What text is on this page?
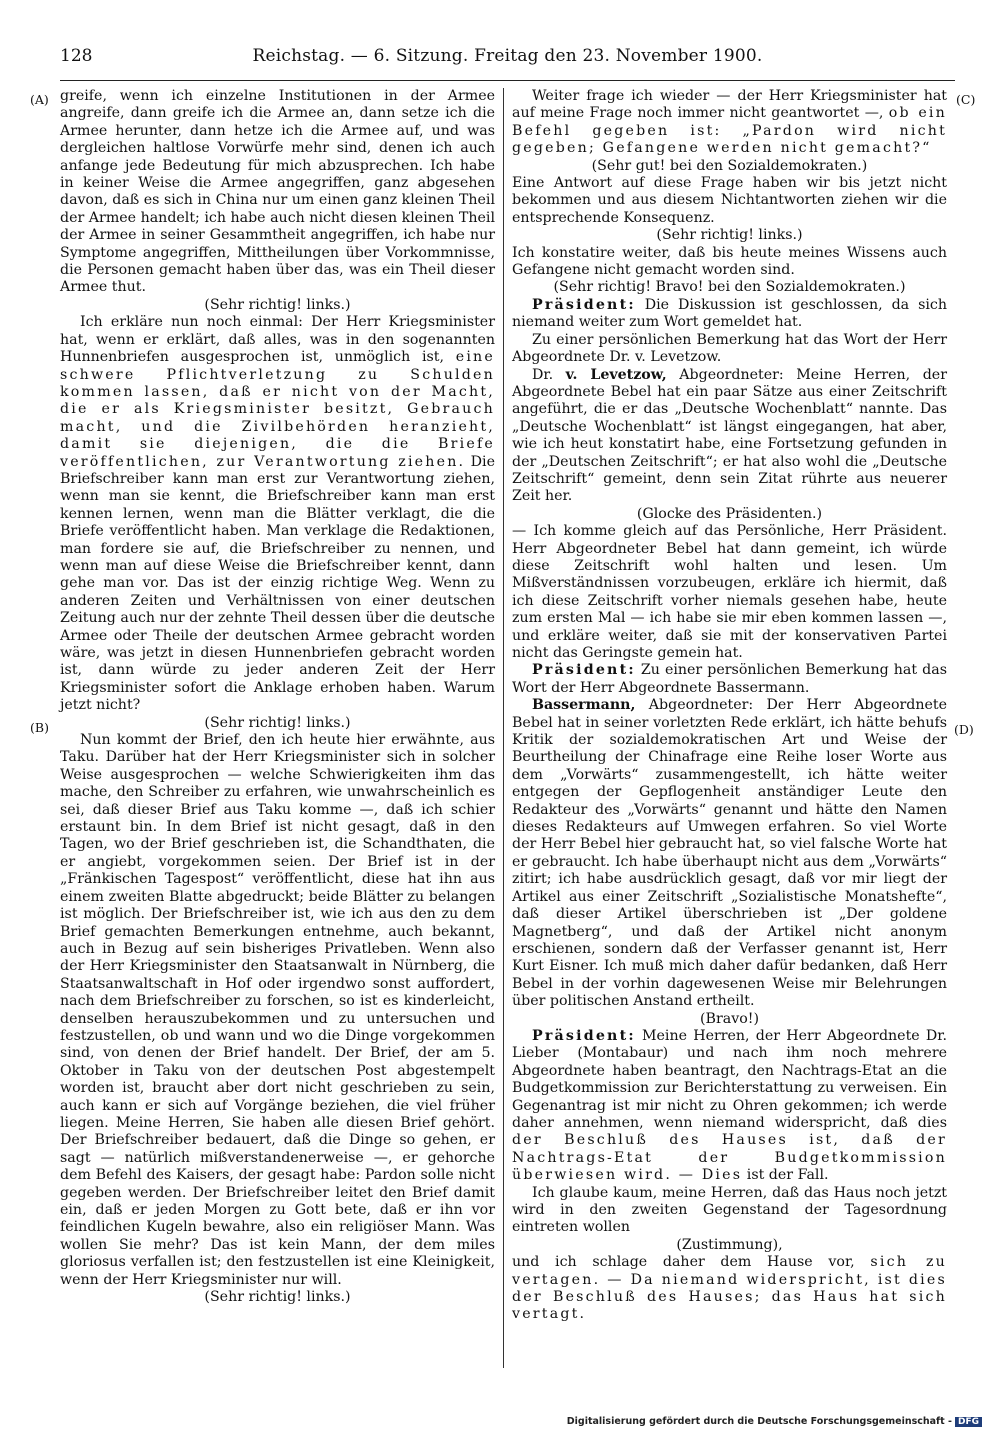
128	Reichstag. — 6. Sitzung. Freitag den 23. November 1900.
(A)
(B)
(C)
(D)

greife, wenn ich einzelne Institutionen in der Armee angreife, dann greife ich die Armee an, dann setze ich die Armee herunter, dann hetze ich die Armee auf, und was dergleichen haltlose Vorwürfe mehr sind, denen ich auch anfange jede Bedeutung für mich abzusprechen. Ich habe in keiner Weise die Armee angegriffen, ganz abgesehen davon, daß es sich in China nur um einen ganz kleinen Theil der Armee handelt; ich habe auch nicht diesen kleinen Theil der Armee in seiner Gesammtheit angegriffen, ich habe nur Symptome angegriffen, Mittheilungen über Vorkommnisse, die Personen gemacht haben über das, was ein Theil dieser Armee thut.

(Sehr richtig! links.)

Ich erkläre nun noch einmal: Der Herr Kriegsminister hat, wenn er erklärt, daß alles, was in den sogenannten Hunnenbriefen ausgesprochen ist, unmöglich ist, eine schwere Pflichtverletzung zu Schulden kommen lassen, daß er nicht von der Macht, die er als Kriegsminister besitzt, Gebrauch macht, und die Zivilbehörden heranzieht, damit sie diejenigen, die die Briefe veröffentlichen, zur Verantwortung ziehen. Die Briefschreiber kann man erst zur Verantwortung ziehen, wenn man sie kennt, die Briefschreiber kann man erst kennen lernen, wenn man die Blätter verklagt, die die Briefe veröffentlicht haben. Man verklage die Redaktionen, man fordere sie auf, die Briefschreiber zu nennen, und wenn man auf diese Weise die Briefschreiber kennt, dann gehe man vor. Das ist der einzig richtige Weg. Wenn zu anderen Zeiten und Verhältnissen von einer deutschen Zeitung auch nur der zehnte Theil dessen über die deutsche Armee oder Theile der deutschen Armee gebracht worden wäre, was jetzt in diesen Hunnenbriefen gebracht worden ist, dann würde zu jeder anderen Zeit der Herr Kriegsminister sofort die Anklage erhoben haben. Warum jetzt nicht?

(Sehr richtig! links.)

Nun kommt der Brief, den ich heute hier erwähnte, aus Taku. Darüber hat der Herr Kriegsminister sich in solcher Weise ausgesprochen — welche Schwierigkeiten ihm das mache, den Schreiber zu erfahren, wie unwahrscheinlich es sei, daß dieser Brief aus Taku komme —, daß ich schier erstaunt bin. In dem Brief ist nicht gesagt, daß in den Tagen, wo der Brief geschrieben ist, die Schandthaten, die er angiebt, vorgekommen seien. Der Brief ist in der „Fränkischen Tagespost“ veröffentlicht, diese hat ihn aus einem zweiten Blatte abgedruckt; beide Blätter zu belangen ist möglich. Der Briefschreiber ist, wie ich aus den zu dem Brief gemachten Bemerkungen entnehme, auch bekannt, auch in Bezug auf sein bisheriges Privatleben. Wenn also der Herr Kriegsminister den Staatsanwalt in Nürnberg, die Staatsanwaltschaft in Hof oder irgendwo sonst auffordert, nach dem Briefschreiber zu forschen, so ist es kinderleicht, denselben herauszubekommen und zu untersuchen und festzustellen, ob und wann und wo die Dinge vorgekommen sind, von denen der Brief handelt. Der Brief, der am 5. Oktober in Taku von der deutschen Post abgestempelt worden ist, braucht aber dort nicht geschrieben zu sein, auch kann er sich auf Vorgänge beziehen, die viel früher liegen. Meine Herren, Sie haben alle diesen Brief gehört. Der Briefschreiber bedauert, daß die Dinge so gehen, er sagt — natürlich mißverstandenerweise —, er gehorche dem Befehl des Kaisers, der gesagt habe: Pardon solle nicht gegeben werden. Der Briefschreiber leitet den Brief damit ein, daß er jeden Morgen zu Gott bete, daß er ihn vor feindlichen Kugeln bewahre, also ein religiöser Mann. Was wollen Sie mehr? Das ist kein Mann, der dem miles gloriosus verfallen ist; den festzustellen ist eine Kleinigkeit, wenn der Herr Kriegsminister nur will.

(Sehr richtig! links.)

Weiter frage ich wieder — der Herr Kriegsminister hat auf meine Frage noch immer nicht geantwortet —, ob ein Befehl gegeben ist: „Pardon wird nicht gegeben; Gefangene werden nicht gemacht?“

(Sehr gut! bei den Sozialdemokraten.)

Eine Antwort auf diese Frage haben wir bis jetzt nicht bekommen und aus diesem Nichtantworten ziehen wir die entsprechende Konsequenz.

(Sehr richtig! links.)

Ich konstatire weiter, daß bis heute meines Wissens auch Gefangene nicht gemacht worden sind.

(Sehr richtig! Bravo! bei den Sozialdemokraten.)

Präsident: Die Diskussion ist geschlossen, da sich niemand weiter zum Wort gemeldet hat.

Zu einer persönlichen Bemerkung hat das Wort der Herr Abgeordnete Dr. v. Levetzow.

Dr. v. Levetzow, Abgeordneter: Meine Herren, der Abgeordnete Bebel hat ein paar Sätze aus einer Zeitschrift angeführt, die er das „Deutsche Wochenblatt“ nannte. Das „Deutsche Wochenblatt“ ist längst eingegangen, hat aber, wie ich heut konstatirt habe, eine Fortsetzung gefunden in der „Deutschen Zeitschrift“; er hat also wohl die „Deutsche Zeitschrift“ gemeint, denn sein Zitat rührte aus neuerer Zeit her.

(Glocke des Präsidenten.)

— Ich komme gleich auf das Persönliche, Herr Präsident. Herr Abgeordneter Bebel hat dann gemeint, ich würde diese Zeitschrift wohl halten und lesen. Um Mißverständnissen vorzubeugen, erkläre ich hiermit, daß ich diese Zeitschrift vorher niemals gesehen habe, heute zum ersten Mal — ich habe sie mir eben kommen lassen —, und erkläre weiter, daß sie mit der konservativen Partei nicht das Geringste gemein hat.

Präsident: Zu einer persönlichen Bemerkung hat das Wort der Herr Abgeordnete Bassermann.

Bassermann, Abgeordneter: Der Herr Abgeordnete Bebel hat in seiner vorletzten Rede erklärt, ich hätte behufs Kritik der sozialdemokratischen Art und Weise der Beurtheilung der Chinafrage eine Reihe loser Worte aus dem „Vorwärts“ zusammengestellt, ich hätte weiter entgegen der Gepflogenheit anständiger Leute den Redakteur des „Vorwärts“ genannt und hätte den Namen dieses Redakteurs auf Umwegen erfahren. So viel Worte der Herr Bebel hier gebraucht hat, so viel falsche Worte hat er gebraucht. Ich habe überhaupt nicht aus dem „Vorwärts“ zitirt; ich habe ausdrücklich gesagt, daß vor mir liegt der Artikel aus einer Zeitschrift „Sozialistische Monatshefte“, daß dieser Artikel überschrieben ist „Der goldene Magnetberg“, und daß der Artikel nicht anonym erschienen, sondern daß der Verfasser genannt ist, Herr Kurt Eisner. Ich muß mich daher dafür bedanken, daß Herr Bebel in der vorhin dagewesenen Weise mir Belehrungen über politischen Anstand ertheilt.

(Bravo!)

Präsident: Meine Herren, der Herr Abgeordnete Dr. Lieber (Montabaur) und nach ihm noch mehrere Abgeordnete haben beantragt, den Nachtrags-Etat an die Budgetkommission zur Berichterstattung zu verweisen. Ein Gegenantrag ist mir nicht zu Ohren gekommen; ich werde daher annehmen, wenn niemand widerspricht, daß dies der Beschluß des Hauses ist, daß der Nachtrags-Etat der Budgetkommission überwiesen wird. — Dies ist der Fall.

Ich glaube kaum, meine Herren, daß das Haus noch jetzt wird in den zweiten Gegenstand der Tagesordnung eintreten wollen

(Zustimmung),

und ich schlage daher dem Hause vor, sich zu vertagen. — Da niemand widerspricht, ist dies der Beschluß des Hauses; das Haus hat sich vertagt.

Digitalisierung gefördert durch die Deutsche Forschungsgemeinschaft - DFG
